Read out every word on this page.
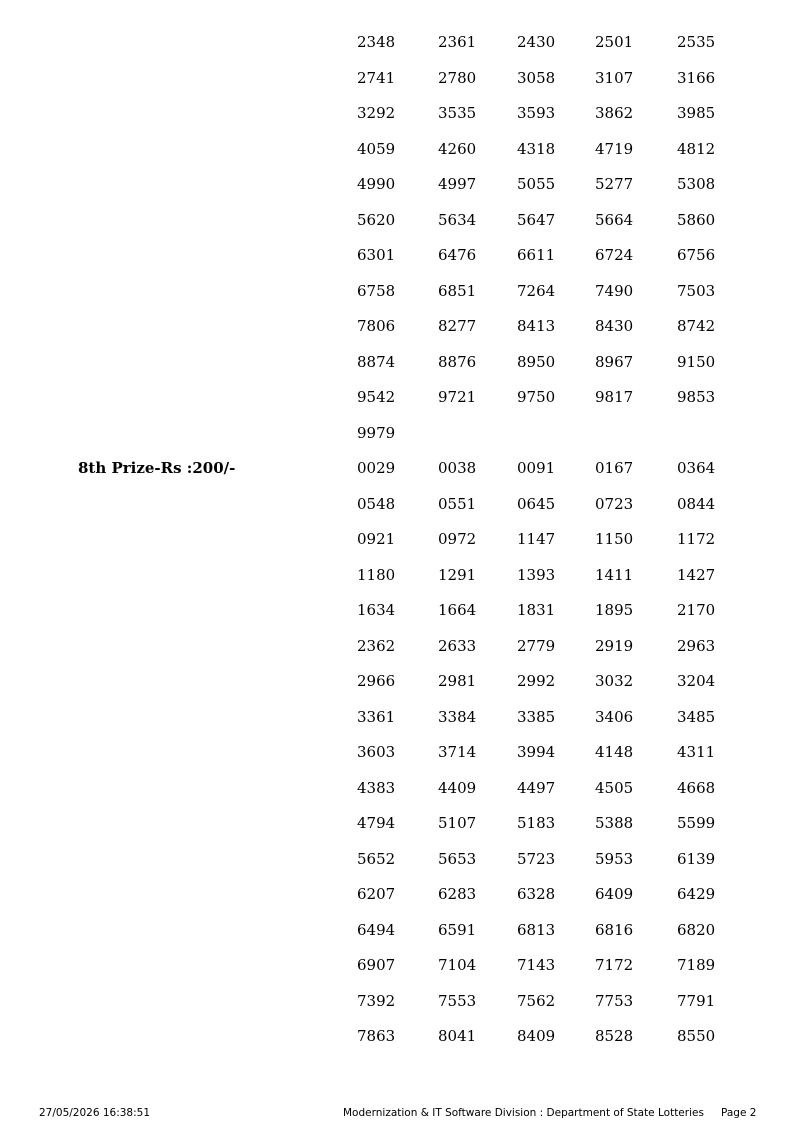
2348	2361	2430	2501	2535
2741	2780	3058	3107	3166
3292	3535	3593	3862	3985
4059	4260	4318	4719	4812
4990	4997	5055	5277	5308
5620	5634	5647	5664	5860
6301	6476	6611	6724	6756
6758	6851	7264	7490	7503
7806	8277	8413	8430	8742
8874	8876	8950	8967	9150
9542	9721	9750	9817	9853
9979
8th Prize-Rs :200/-	0029	0038	0091	0167	0364
0548	0551	0645	0723	0844
0921	0972	1147	1150	1172
1180	1291	1393	1411	1427
1634	1664	1831	1895	2170
2362	2633	2779	2919	2963
2966	2981	2992	3032	3204
3361	3384	3385	3406	3485
3603	3714	3994	4148	4311
4383	4409	4497	4505	4668
4794	5107	5183	5388	5599
5652	5653	5723	5953	6139
6207	6283	6328	6409	6429
6494	6591	6813	6816	6820
6907	7104	7143	7172	7189
7392	7553	7562	7753	7791
7863	8041	8409	8528	8550
27/05/2026 16:38:51	Modernization & IT Software Division : Department of State Lotteries Page 2
